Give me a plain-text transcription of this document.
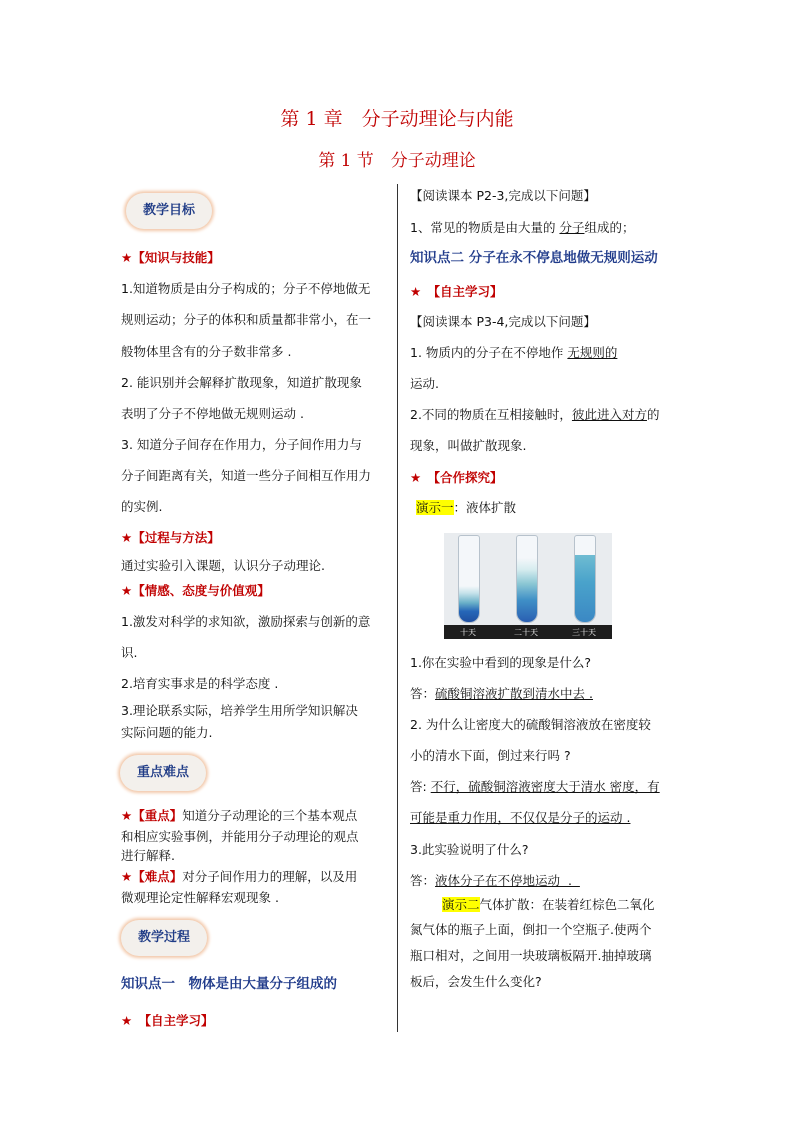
第 1 章　分子动理论与内能
第 1 节　分子动理论
教学目标
★【知识与技能】
1.知道物质是由分子构成的；分子不停地做无
规则运动；分子的体积和质量都非常小，在一
般物体里含有的分子数非常多 .
2. 能识别并会解释扩散现象，知道扩散现象
表明了分子不停地做无规则运动 .
3. 知道分子间存在作用力，分子间作用力与
分子间距离有关，知道一些分子间相互作用力
的实例.
★【过程与方法】
通过实验引入课题，认识分子动理论.
★【情感、态度与价值观】
1.激发对科学的求知欲，激励探索与创新的意
识.
2.培育实事求是的科学态度 .
3.理论联系实际，培养学生用所学知识解决
实际问题的能力.
重点难点
★【重点】知道分子动理论的三个基本观点
和相应实验事例，并能用分子动理论的观点
进行解释.
★【难点】对分子间作用力的理解，以及用
微观理论定性解释宏观现象 .
教学过程
知识点一　物体是由大量分子组成的
★　 【自主学习】
【阅读课本 P2-3,完成以下问题】
1、常见的物质是由大量的 分子组成的；
知识点二 分子在永不停息地做无规则运动
★　 【自主学习】
【阅读课本 P3-4,完成以下问题】
1. 物质内的分子在不停地作 无规则的
运动.
2.不同的物质在互相接触时，彼此进入对方的
现象，叫做扩散现象.
★　 【合作探究】
演示一：液体扩散
十天	二十天	三十天
1.你在实验中看到的现象是什么?
答：硫酸铜溶液扩散到清水中去 .
2. 为什么让密度大的硫酸铜溶液放在密度较
小的清水下面，倒过来行吗 ?
答: 不行，硫酸铜溶液密度大于清水 密度，有
可能是重力作用，不仅仅是分子的运动 .
3.此实验说明了什么?
答：液体分子在不停地运动  .
演示二气体扩散：在装着红棕色二氧化
氮气体的瓶子上面，倒扣一个空瓶子.使两个
瓶口相对，之间用一块玻璃板隔开.抽掉玻璃
板后，会发生什么变化?
